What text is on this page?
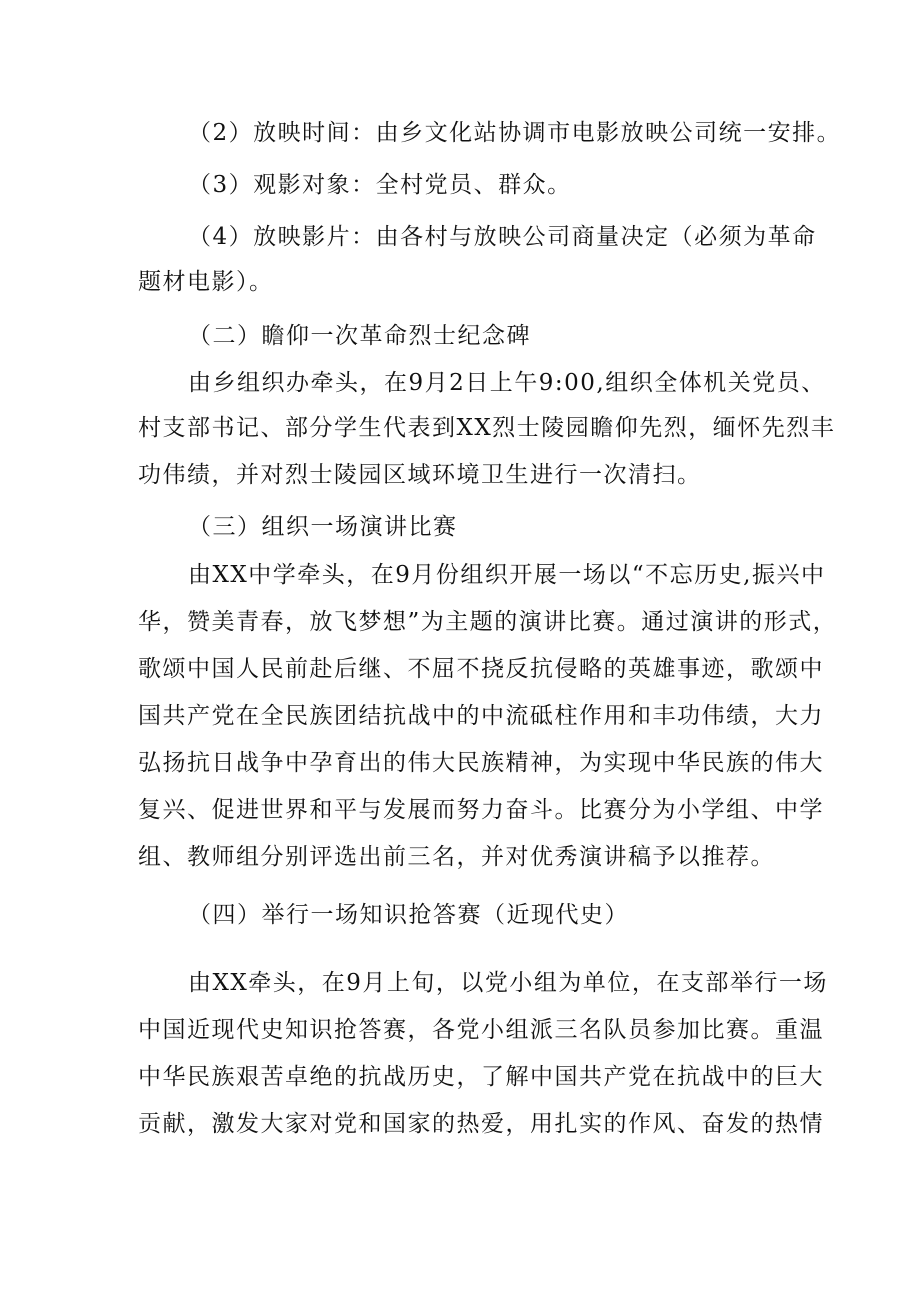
（2）放映时间：由乡文化站协调市电影放映公司统一安排。
（3）观影对象：全村党员、群众。
（4）放映影片：由各村与放映公司商量决定（必须为革命
题材电影）。
（二）瞻仰一次革命烈士纪念碑
由乡组织办牵头，在9月2日上午9:00,组织全体机关党员、
村支部书记、部分学生代表到XX烈士陵园瞻仰先烈，缅怀先烈丰
功伟绩，并对烈士陵园区域环境卫生进行一次清扫。
（三）组织一场演讲比赛
由XX中学牵头，在9月份组织开展一场以“不忘历史,振兴中
华，赞美青春，放飞梦想”为主题的演讲比赛。通过演讲的形式，
歌颂中国人民前赴后继、不屈不挠反抗侵略的英雄事迹，歌颂中
国共产党在全民族团结抗战中的中流砥柱作用和丰功伟绩，大力
弘扬抗日战争中孕育出的伟大民族精神，为实现中华民族的伟大
复兴、促进世界和平与发展而努力奋斗。比赛分为小学组、中学
组、教师组分别评选出前三名，并对优秀演讲稿予以推荐。
（四）举行一场知识抢答赛（近现代史）
由XX牵头，在9月上旬，以党小组为单位，在支部举行一场
中国近现代史知识抢答赛，各党小组派三名队员参加比赛。重温
中华民族艰苦卓绝的抗战历史，了解中国共产党在抗战中的巨大
贡献，激发大家对党和国家的热爱，用扎实的作风、奋发的热情
